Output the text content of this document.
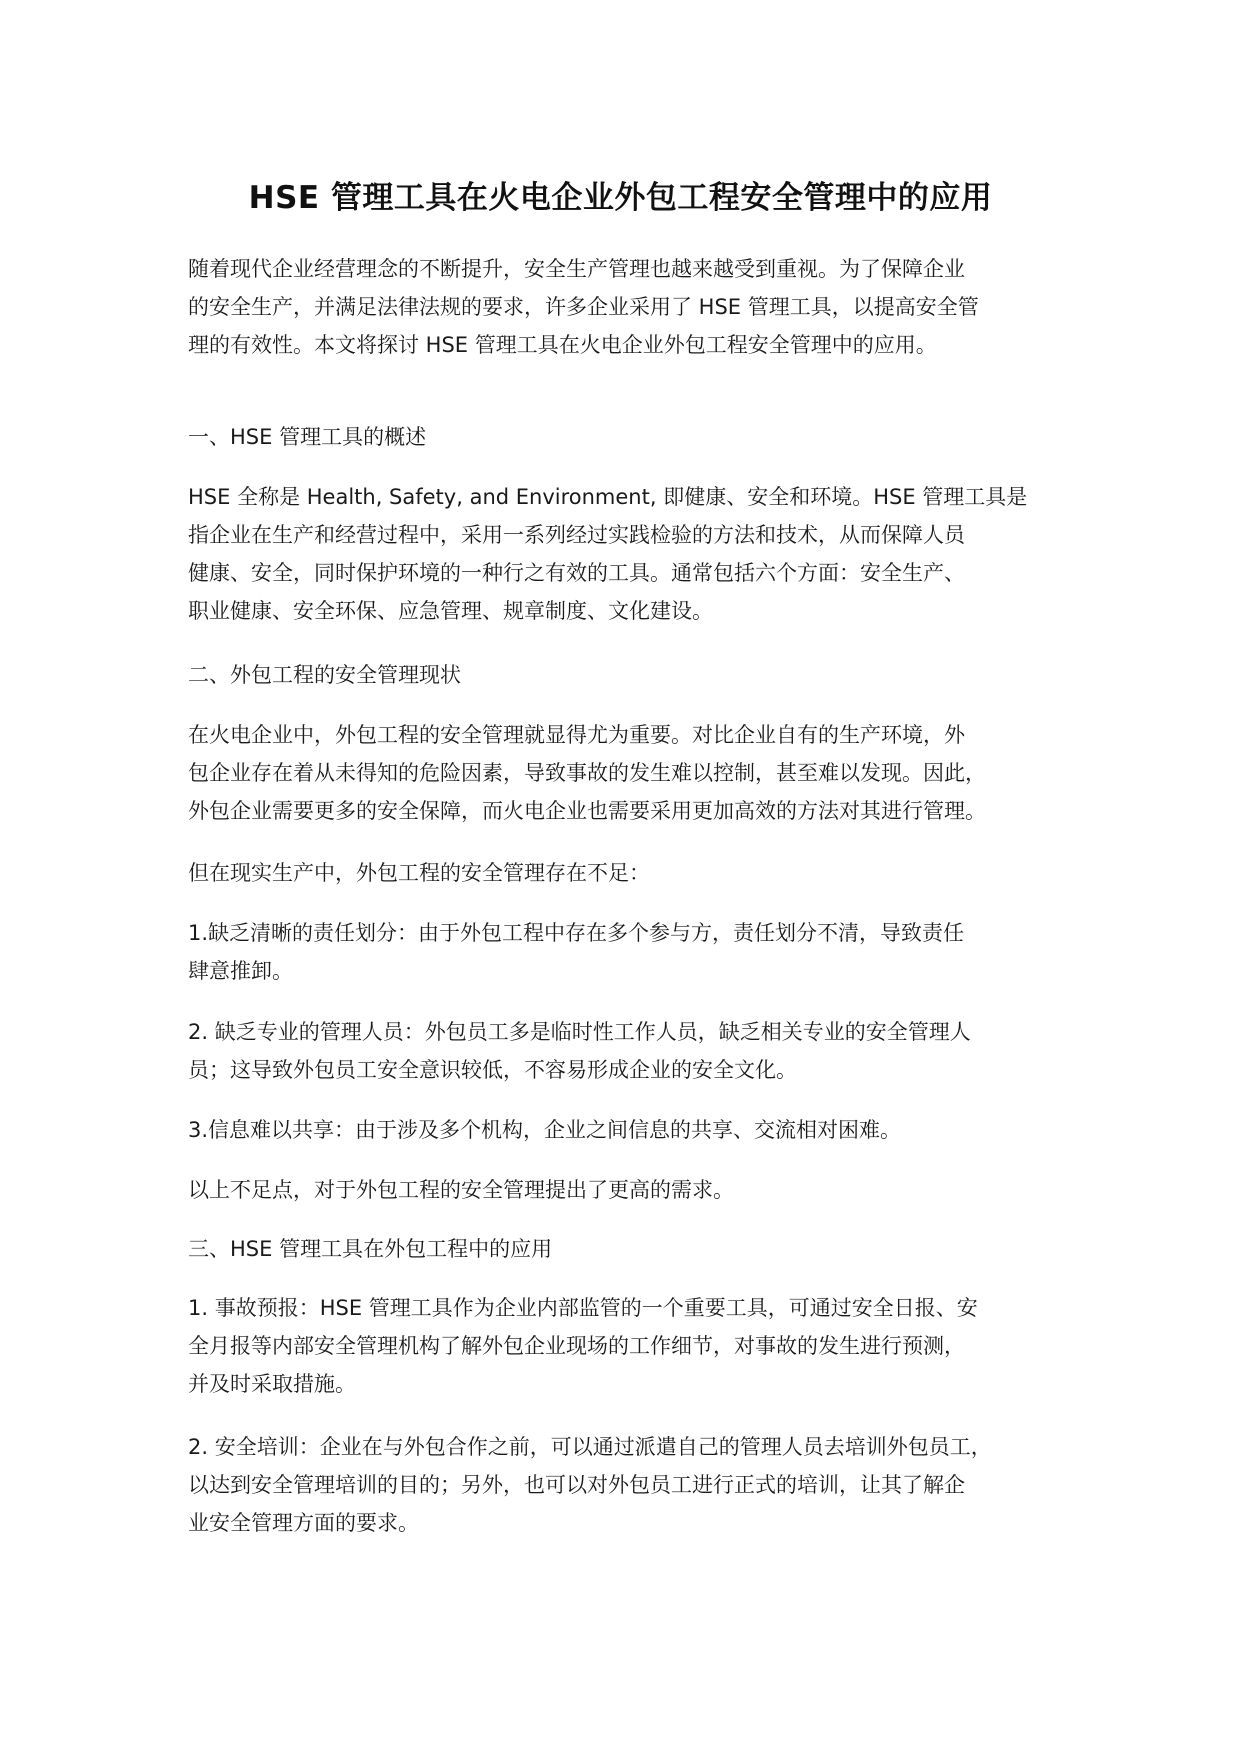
HSE 管理工具在火电企业外包工程安全管理中的应用
随着现代企业经营理念的不断提升，安全生产管理也越来越受到重视。为了保障企业
的安全生产，并满足法律法规的要求，许多企业采用了 HSE 管理工具，以提高安全管
理的有效性。本文将探讨 HSE 管理工具在火电企业外包工程安全管理中的应用。
一、HSE 管理工具的概述
HSE 全称是 Health, Safety, and Environment, 即健康、安全和环境。HSE 管理工具是
指企业在生产和经营过程中，采用一系列经过实践检验的方法和技术，从而保障人员
健康、安全，同时保护环境的一种行之有效的工具。通常包括六个方面：安全生产、
职业健康、安全环保、应急管理、规章制度、文化建设。
二、外包工程的安全管理现状
在火电企业中，外包工程的安全管理就显得尤为重要。对比企业自有的生产环境，外
包企业存在着从未得知的危险因素，导致事故的发生难以控制，甚至难以发现。因此，
外包企业需要更多的安全保障，而火电企业也需要采用更加高效的方法对其进行管理。
但在现实生产中，外包工程的安全管理存在不足：
1.缺乏清晰的责任划分：由于外包工程中存在多个参与方，责任划分不清，导致责任
肆意推卸。
2. 缺乏专业的管理人员：外包员工多是临时性工作人员，缺乏相关专业的安全管理人
员；这导致外包员工安全意识较低，不容易形成企业的安全文化。
3.信息难以共享：由于涉及多个机构，企业之间信息的共享、交流相对困难。
以上不足点，对于外包工程的安全管理提出了更高的需求。
三、HSE 管理工具在外包工程中的应用
1. 事故预报：HSE 管理工具作为企业内部监管的一个重要工具，可通过安全日报、安
全月报等内部安全管理机构了解外包企业现场的工作细节，对事故的发生进行预测，
并及时采取措施。
2. 安全培训：企业在与外包合作之前，可以通过派遣自己的管理人员去培训外包员工，
以达到安全管理培训的目的；另外，也可以对外包员工进行正式的培训，让其了解企
业安全管理方面的要求。
